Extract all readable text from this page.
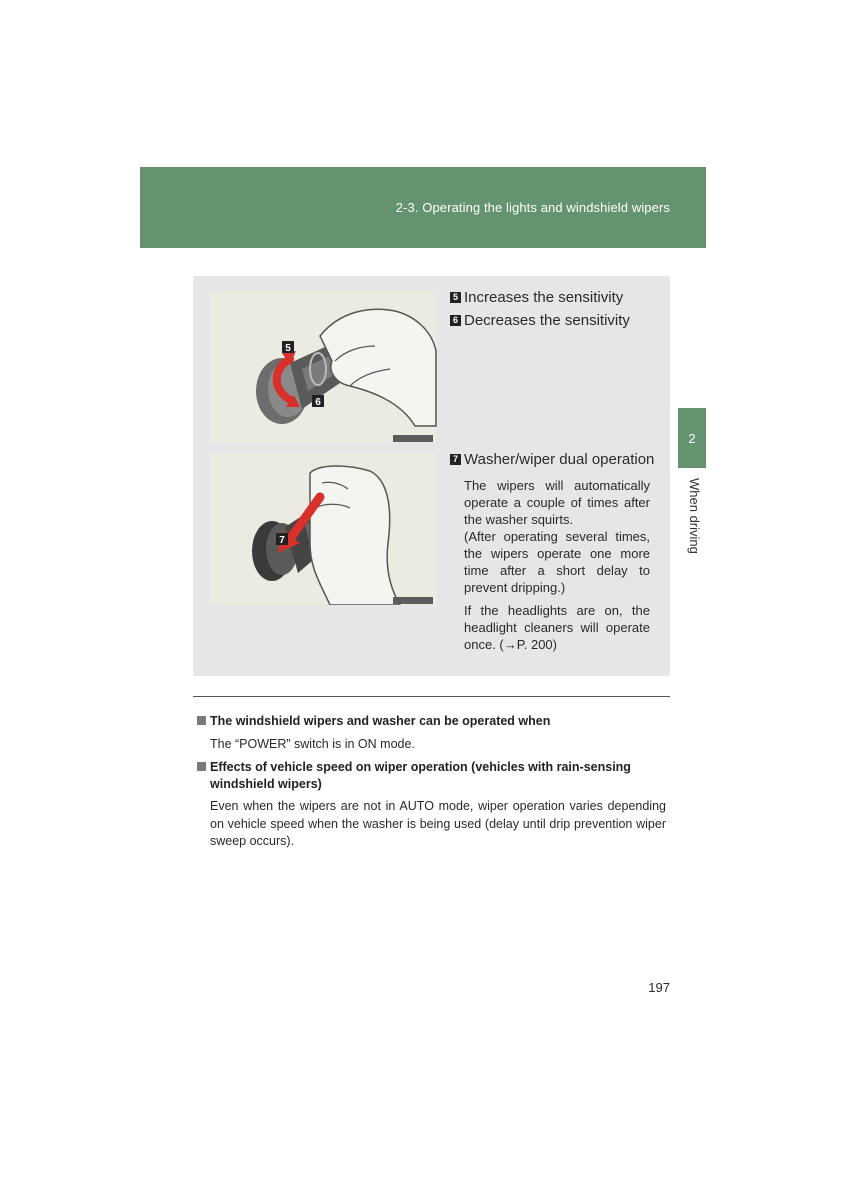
2-3. Operating the lights and windshield wipers
2
When driving
5
6
7
5 Increases the sensitivity
6 Decreases the sensitivity
7 Washer/wiper dual operation
The wipers will automatically operate a couple of times after the washer squirts.
(After operating several times, the wipers operate one more time after a short delay to prevent dripping.)
If the headlights are on, the headlight cleaners will operate once. (→P. 200)
The windshield wipers and washer can be operated when
The “POWER” switch is in ON mode.
Effects of vehicle speed on wiper operation (vehicles with rain-sensing windshield wipers)
Even when the wipers are not in AUTO mode, wiper operation varies depending on vehicle speed when the washer is being used (delay until drip prevention wiper sweep occurs).
197
